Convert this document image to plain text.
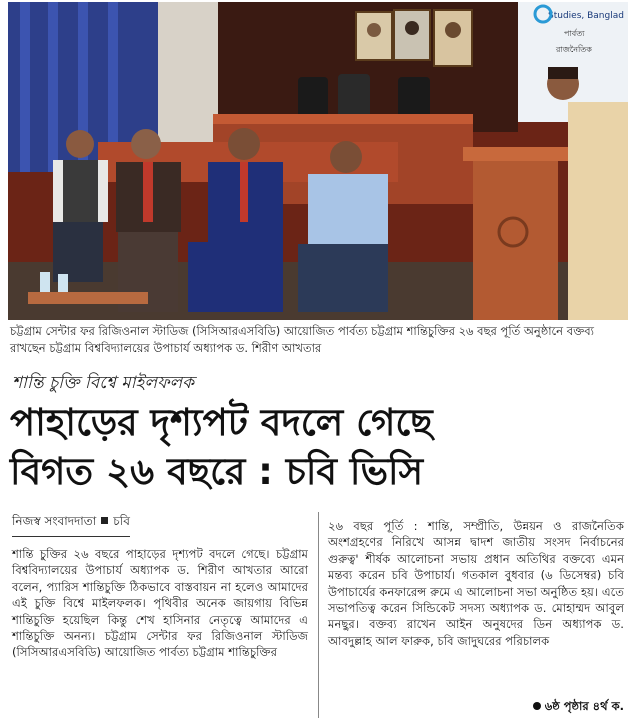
Studies, Banglad
পার্বত্য
রাজনৈতিক
চট্টগ্রাম সেন্টার ফর রিজিওনাল স্টাডিজ (সিসিআরএসবিডি) আয়োজিত পার্বত্য চট্টগ্রাম শান্তিচুক্তির ২৬ বছর পূর্তি অনুষ্ঠানে বক্তব্য রাখছেন চট্টগ্রাম বিশ্ববিদ্যালয়ের উপাচার্য অধ্যাপক ড. শিরীণ আখতার
শান্তি চুক্তি বিশ্বে মাইলফলক
পাহাড়ের দৃশ্যপট বদলে গেছে
বিগত ২৬ বছরে : চবি ভিসি
নিজস্ব সংবাদদাতা চবি
শান্তি চুক্তির ২৬ বছরে পাহাড়ের দৃশ্যপট বদলে গেছে। চট্টগ্রাম বিশ্ববিদ্যালয়ের উপাচার্য অধ্যাপক ড. শিরীণ আখতার আরো বলেন, প্যারিস শান্তিচুক্তি ঠিকভাবে বাস্তবায়ন না হলেও আমাদের এই চুক্তি বিশ্বে মাইলফলক। পৃথিবীর অনেক জায়গায় বিভিন্ন শান্তিচুক্তি হয়েছিল কিন্তু শেখ হাসিনার নেতৃত্বে আমাদের এ শান্তিচুক্তি অনন্য। চট্টগ্রাম সেন্টার ফর রিজিওনাল স্টাডিজ (সিসিআরএসবিডি) আয়োজিত পার্বত্য চট্টগ্রাম শান্তিচুক্তির
২৬ বছর পূর্তি : শান্তি, সম্প্রীতি, উন্নয়ন ও রাজনৈতিক অংশগ্রহণের নিরিখে আসন্ন দ্বাদশ জাতীয় সংসদ নির্বাচনের গুরুত্ব' শীর্ষক আলোচনা সভায় প্রধান অতিথির বক্তব্যে এমন মন্তব্য করেন চবি উপাচার্য। গতকাল বুধবার (৬ ডিসেম্বর) চবি উপাচার্যের কনফারেন্স রুমে এ আলোচনা সভা অনুষ্ঠিত হয়। এতে সভাপতিত্ব করেন সিন্ডিকেট সদস্য অধ্যাপক ড. মোহাম্মদ আবুল মনছুর। বক্তব্য রাখেন আইন অনুষদের ডিন অধ্যাপক ড. আবদুল্লাহ আল ফারুক, চবি জাদুঘরের পরিচালক
৬ষ্ঠ পৃষ্ঠার ৪র্থ ক.
